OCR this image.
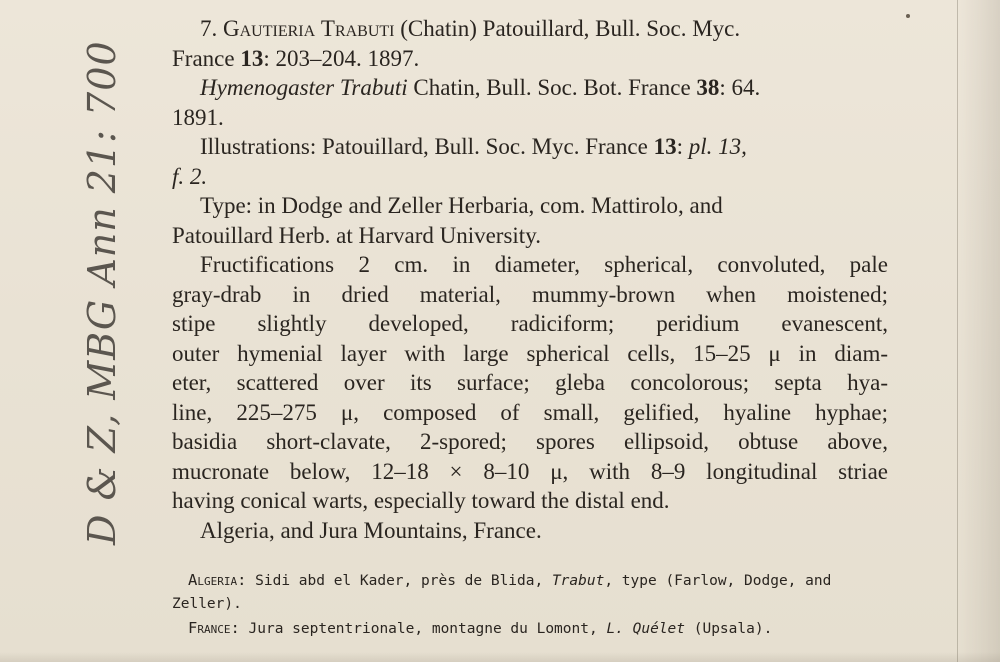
D & Z, MBG Ann 21: 700
7. Gautieria Trabuti (Chatin) Patouillard, Bull. Soc. Myc.
France 13: 203–204. 1897.
Hymenogaster Trabuti Chatin, Bull. Soc. Bot. France 38: 64.
1891.
Illustrations: Patouillard, Bull. Soc. Myc. France 13: pl. 13,
f. 2.
Type: in Dodge and Zeller Herbaria, com. Mattirolo, and
Patouillard Herb. at Harvard University.
Fructifications 2 cm. in diameter, spherical, convoluted, pale
gray-drab in dried material, mummy-brown when moistened;
stipe slightly developed, radiciform; peridium evanescent,
outer hymenial layer with large spherical cells, 15–25 μ in diam-
eter, scattered over its surface; gleba concolorous; septa hya-
line, 225–275 μ, composed of small, gelified, hyaline hyphae;
basidia short-clavate, 2-spored; spores ellipsoid, obtuse above,
mucronate below, 12–18 × 8–10 μ, with 8–9 longitudinal striae
having conical warts, especially toward the distal end.
Algeria, and Jura Mountains, France.
Algeria: Sidi abd el Kader, près de Blida, Trabut, type (Farlow, Dodge, and
Zeller).
France: Jura septentrionale, montagne du Lomont, L. Quélet (Upsala).
